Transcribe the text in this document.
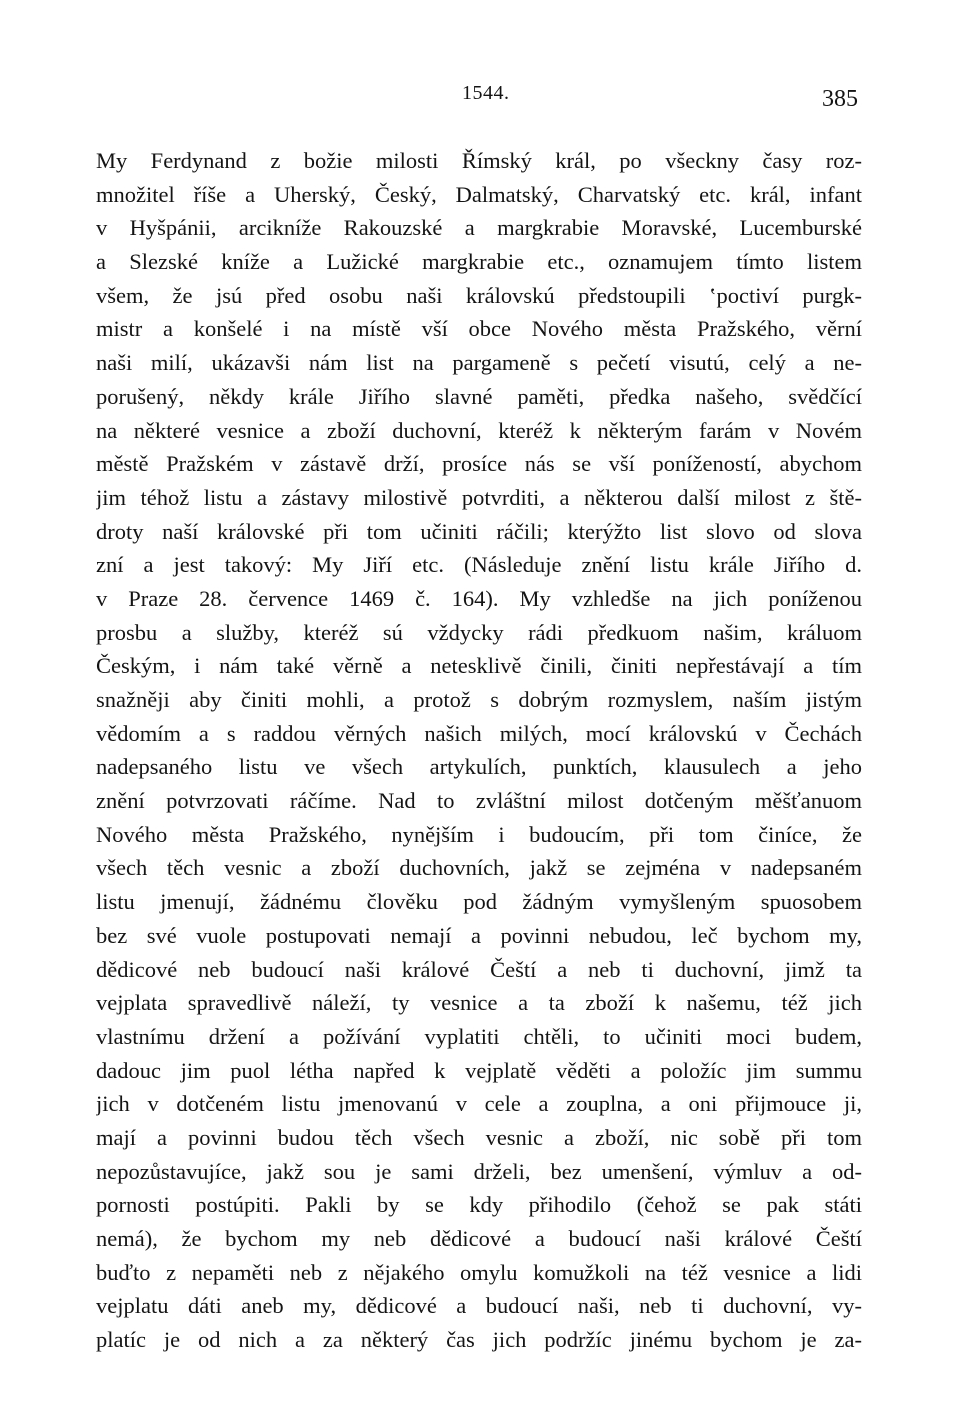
1544.	385
My Ferdynand z božie milosti Římský král, po všeckny časy roz-
množitel říše a Uherský, Český, Dalmatský, Charvatský etc. král, infant
v Hyšpánii, arcikníže Rakouzské a margkrabie Moravské, Lucemburské
a Slezské kníže a Lužické margkrabie etc., oznamujem tímto listem
všem, že jsú před osobu naši královskú předstoupili ‛poctiví purgk-
mistr a konšelé i na místě vší obce Nového města Pražského, věrní
naši milí, ukázavši nám list na pargameně s pečetí visutú, celý a ne-
porušený, někdy krále Jiřího slavné paměti, předka našeho, svědčící
na některé vesnice a zboží duchovní, kteréž k některým farám v Novém
městě Pražském v zástavě drží, prosíce nás se vší ponížeností, abychom
jim téhož listu a zástavy milostivě potvrditi, a některou další milost z ště-
droty naší královské při tom učiniti ráčili; kterýžto list slovo od slova
zní a jest takový: My Jiří etc. (Následuje znění listu krále Jiřího d.
v Praze 28. července 1469 č. 164). My vzhledše na jich poníženou
prosbu a služby, kteréž sú vždycky rádi předkuom našim, králuom
Českým, i nám také věrně a netesklivě činili, činiti nepřestávají a tím
snažněji aby činiti mohli, a protož s dobrým rozmyslem, naším jistým
vědomím a s raddou věrných našich milých, mocí královskú v Čechách
nadepsaného listu ve všech artykulích, punktích, klausulech a jeho
znění potvrzovati ráčíme. Nad to zvláštní milost dotčeným měšťanuom
Nového města Pražského, nynějším i budoucím, při tom činíce, že
všech těch vesnic a zboží duchovních, jakž se zejména v nadepsaném
listu jmenují, žádnému člověku pod žádným vymyšleným spuosobem
bez své vuole postupovati nemají a povinni nebudou, leč bychom my,
dědicové neb budoucí naši králové Čeští a neb ti duchovní, jimž ta
vejplata spravedlivě náleží, ty vesnice a ta zboží k našemu, též jich
vlastnímu držení a požívání vyplatiti chtěli, to učiniti moci budem,
dadouc jim puol létha napřed k vejplatě věděti a položíc jim summu
jich v dotčeném listu jmenovanú v cele a zouplna, a oni přijmouce ji,
mají a povinni budou těch všech vesnic a zboží, nic sobě při tom
nepozůstavujíce, jakž sou je sami drželi, bez umenšení, výmluv a od-
pornosti postúpiti. Pakli by se kdy přihodilo (čehož se pak státi
nemá), že bychom my neb dědicové a budoucí naši králové Čeští
buďto z nepaměti neb z nějakého omylu komužkoli na též vesnice a lidi
vejplatu dáti aneb my, dědicové a budoucí naši, neb ti duchovní, vy-
platíc je od nich a za některý čas jich podržíc jinému bychom je za-
